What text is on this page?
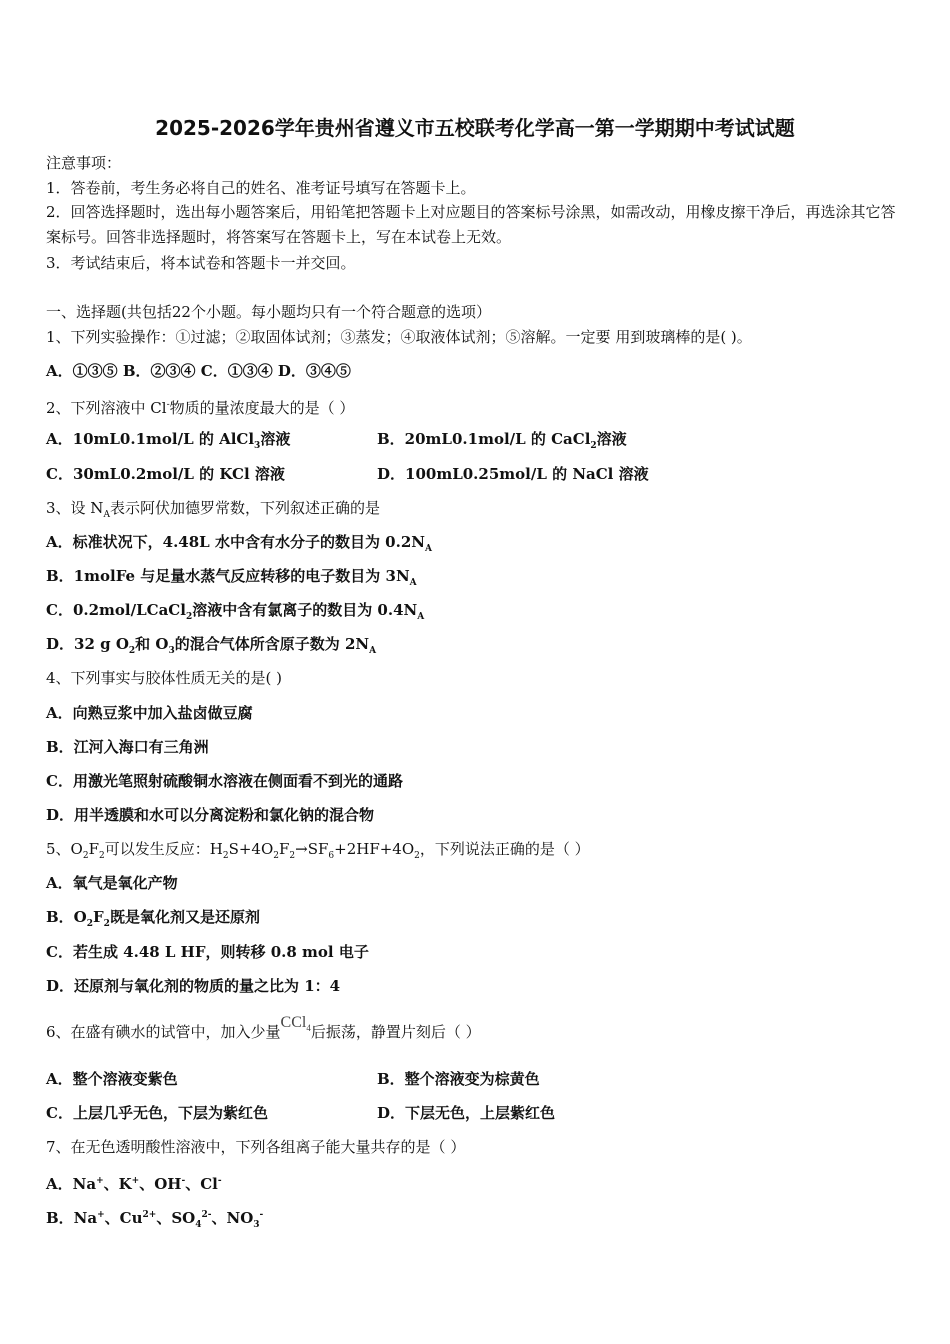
2025-2026学年贵州省遵义市五校联考化学高一第一学期期中考试试题
注意事项：
1．答卷前，考生务必将自己的姓名、准考证号填写在答题卡上。
2．回答选择题时，选出每小题答案后，用铅笔把答题卡上对应题目的答案标号涂黑，如需改动，用橡皮擦干净后，再选涂其它答案标号。回答非选择题时，将答案写在答题卡上，写在本试卷上无效。
3．考试结束后，将本试卷和答题卡一并交回。
一、选择题(共包括22个小题。每小题均只有一个符合题意的选项）
1、下列实验操作：①过滤；②取固体试剂；③蒸发；④取液体试剂；⑤溶解。一定要 用到玻璃棒的是( )。
A．①③⑤ B．②③④ C．①③④ D．③④⑤
2、下列溶液中 Cl-物质的量浓度最大的是（ ）
A．10mL0.1mol/L 的 AlCl$_3$溶液	B．20mL0.1mol/L 的 CaCl$_2$溶液
C．30mL0.2mol/L 的 KCl 溶液	D．100mL0.25mol/L 的 NaCl 溶液
3、设 $N_A$表示阿伏加德罗常数，下列叙述正确的是
A．标准状况下，4.48L 水中含有水分子的数目为 $0.2N_A$
B．1molFe 与足量水蒸气反应转移的电子数目为 $3N_A$
C．0.2mol/LCaCl$_2$溶液中含有氯离子的数目为 $0.4N_A$
D．32 g $O_2$和 $O_3$的混合气体所含原子数为 $2N_A$
4、下列事实与胶体性质无关的是( )
A．向熟豆浆中加入盐卤做豆腐
B．江河入海口有三角洲
C．用激光笔照射硫酸铜水溶液在侧面看不到光的通路
D．用半透膜和水可以分离淀粉和氯化钠的混合物
5、$O_2F_2$可以发生反应：$H_2S+4O_2F_2\to SF_6+2HF+4O_2$，下列说法正确的是（ ）
A．氧气是氧化产物
B．$O_2F_2$既是氧化剂又是还原剂
C．若生成 4.48 L HF，则转移 0.8 mol 电子
D．还原剂与氧化剂的物质的量之比为 1：4
6、在盛有碘水的试管中，加入少量CCl$_4$后振荡，静置片刻后（ ）
A．整个溶液变紫色	B．整个溶液变为棕黄色
C．上层几乎无色，下层为紫红色	D．下层无色，上层紫红色
7、在无色透明酸性溶液中，下列各组离子能大量共存的是（ ）
A．Na+、K+、OH-、Cl-
B．Na+、$Cu^{2+}$、$SO_4^{2-}$、$NO_3^-$
